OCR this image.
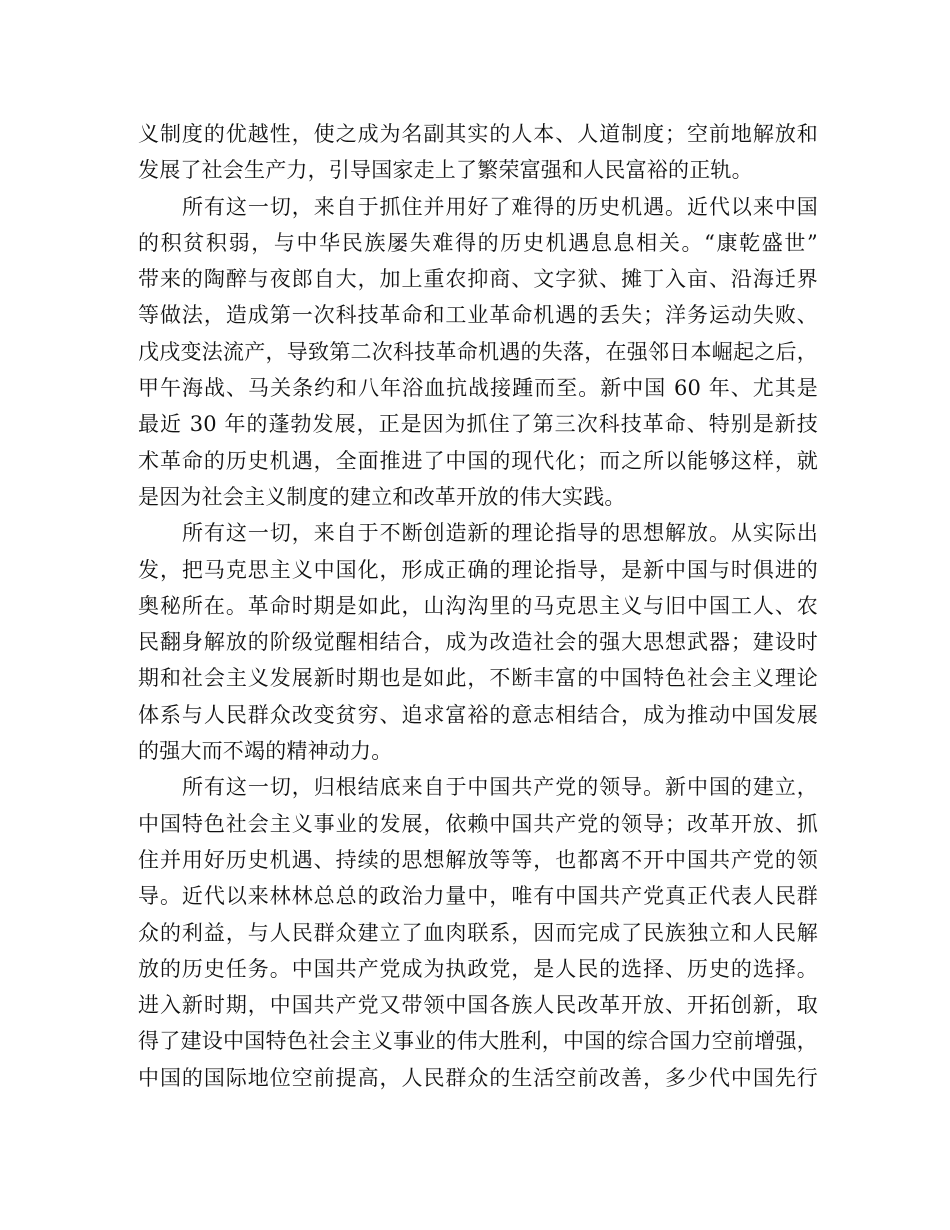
义制度的优越性，使之成为名副其实的人本、人道制度；空前地解放和
发展了社会生产力，引导国家走上了繁荣富强和人民富裕的正轨。
所有这一切，来自于抓住并用好了难得的历史机遇。近代以来中国
的积贫积弱，与中华民族屡失难得的历史机遇息息相关。“康乾盛世”
带来的陶醉与夜郎自大，加上重农抑商、文字狱、摊丁入亩、沿海迁界
等做法，造成第一次科技革命和工业革命机遇的丢失；洋务运动失败、
戊戌变法流产，导致第二次科技革命机遇的失落，在强邻日本崛起之后，
甲午海战、马关条约和八年浴血抗战接踵而至。新中国 60 年、尤其是
最近 30 年的蓬勃发展，正是因为抓住了第三次科技革命、特别是新技
术革命的历史机遇，全面推进了中国的现代化；而之所以能够这样，就
是因为社会主义制度的建立和改革开放的伟大实践。
所有这一切，来自于不断创造新的理论指导的思想解放。从实际出
发，把马克思主义中国化，形成正确的理论指导，是新中国与时俱进的
奥秘所在。革命时期是如此，山沟沟里的马克思主义与旧中国工人、农
民翻身解放的阶级觉醒相结合，成为改造社会的强大思想武器；建设时
期和社会主义发展新时期也是如此，不断丰富的中国特色社会主义理论
体系与人民群众改变贫穷、追求富裕的意志相结合，成为推动中国发展
的强大而不竭的精神动力。
所有这一切，归根结底来自于中国共产党的领导。新中国的建立，
中国特色社会主义事业的发展，依赖中国共产党的领导；改革开放、抓
住并用好历史机遇、持续的思想解放等等，也都离不开中国共产党的领
导。近代以来林林总总的政治力量中，唯有中国共产党真正代表人民群
众的利益，与人民群众建立了血肉联系，因而完成了民族独立和人民解
放的历史任务。中国共产党成为执政党，是人民的选择、历史的选择。
进入新时期，中国共产党又带领中国各族人民改革开放、开拓创新，取
得了建设中国特色社会主义事业的伟大胜利，中国的综合国力空前增强，
中国的国际地位空前提高，人民群众的生活空前改善，多少代中国先行
